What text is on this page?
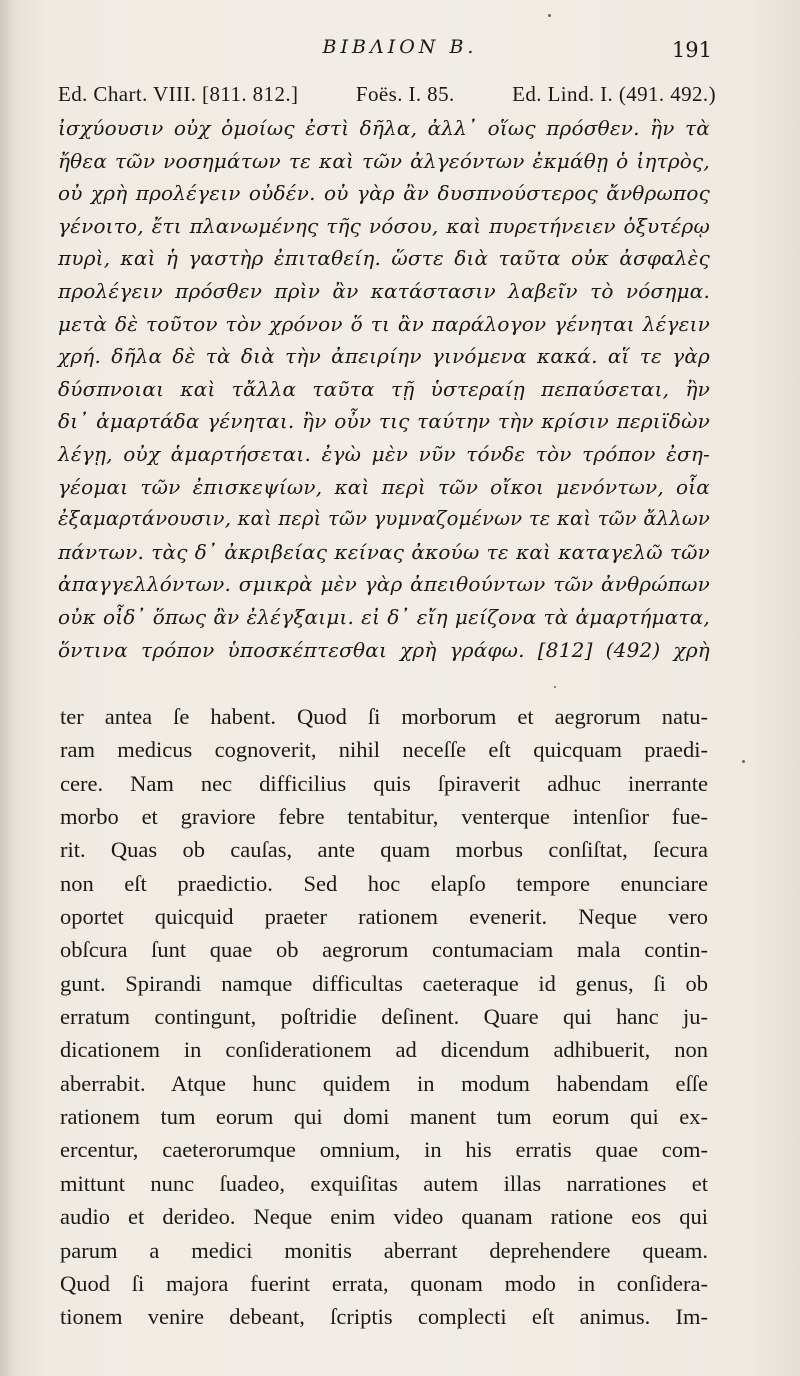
ΒΙΒΛΙΟΝ Β.	191
Ed. Chart. VIII. [811. 812.]	Foës. I. 85.	Ed. Lind. I. (491. 492.)
ἰσχύουσιν οὐχ ὁμοίως ἐστὶ δῆλα, ἀλλ᾽ οἵως πρόσθεν. ἢν τὰ
ἤθεα τῶν νοσημάτων τε καὶ τῶν ἀλγεόντων ἐκμάθῃ ὁ ἰητρὸς,
οὐ χρὴ προλέγειν οὐδέν. οὐ γὰρ ἂν δυσπνούστερος ἄνθρωπος
γένοιτο, ἔτι πλανωμένης τῆς νόσου, καὶ πυρετήνειεν ὀξυτέρῳ
πυρὶ, καὶ ἡ γαστὴρ ἐπιταθείη. ὥστε διὰ ταῦτα οὐκ ἀσφαλὲς
προλέγειν πρόσθεν πρὶν ἂν κατάστασιν λαβεῖν τὸ νόσημα.
μετὰ δὲ τοῦτον τὸν χρόνον ὅ τι ἂν παράλογον γένηται λέγειν
χρή. δῆλα δὲ τὰ διὰ τὴν ἀπειρίην γινόμενα κακά. αἵ τε γὰρ
δύσπνοιαι καὶ τἄλλα ταῦτα τῇ ὑστεραίῃ πεπαύσεται, ἢν
δι᾽ ἁμαρτάδα γένηται. ἢν οὖν τις ταύτην τὴν κρίσιν περιϊδὼν
λέγῃ, οὐχ ἁμαρτήσεται. ἐγὼ μὲν νῦν τόνδε τὸν τρόπον ἐση-
γέομαι τῶν ἐπισκεψίων, καὶ περὶ τῶν οἴκοι μενόντων, οἷα
ἐξαμαρτάνουσιν, καὶ περὶ τῶν γυμναζομένων τε καὶ τῶν ἄλλων
πάντων. τὰς δ᾽ ἀκριβείας κείνας ἀκούω τε καὶ καταγελῶ τῶν
ἀπαγγελλόντων. σμικρὰ μὲν γὰρ ἀπειθούντων τῶν ἀνθρώπων
οὐκ οἶδ᾽ ὅπως ἂν ἐλέγξαιμι. εἰ δ᾽ εἴη μείζονα τὰ ἁμαρτήματα,
ὅντινα τρόπον ὑποσκέπτεσθαι χρὴ γράφω. [812] (492) χρὴ
ter antea ſe habent. Quod ſi morborum et aegrorum natu-
ram medicus cognoverit, nihil neceſſe eſt quicquam praedi-
cere. Nam nec difficilius quis ſpiraverit adhuc inerrante
morbo et graviore febre tentabitur, venterque intenſior fue-
rit. Quas ob cauſas, ante quam morbus conſiſtat, ſecura
non eſt praedictio. Sed hoc elapſo tempore enunciare
oportet quicquid praeter rationem evenerit. Neque vero
obſcura ſunt quae ob aegrorum contumaciam mala contin-
gunt. Spirandi namque difficultas caeteraque id genus, ſi ob
erratum contingunt, poſtridie deſinent. Quare qui hanc ju-
dicationem in conſiderationem ad dicendum adhibuerit, non
aberrabit. Atque hunc quidem in modum habendam eſſe
rationem tum eorum qui domi manent tum eorum qui ex-
ercentur, caeterorumque omnium, in his erratis quae com-
mittunt nunc ſuadeo, exquiſitas autem illas narrationes et
audio et derideo. Neque enim video quanam ratione eos qui
parum a medici monitis aberrant deprehendere queam.
Quod ſi majora fuerint errata, quonam modo in conſidera-
tionem venire debeant, ſcriptis complecti eſt animus. Im-
